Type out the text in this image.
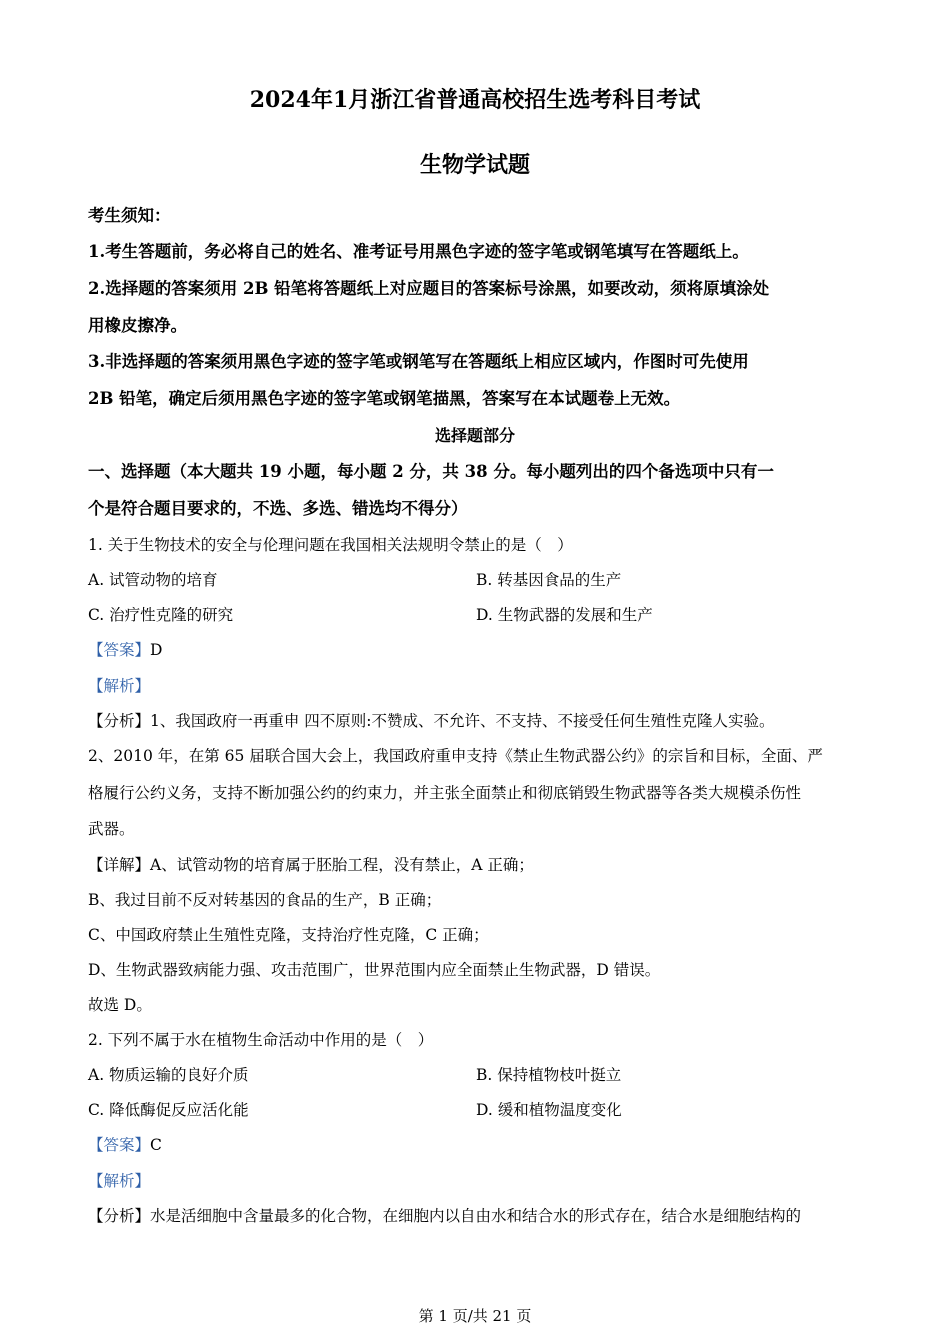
2024年1月浙江省普通高校招生选考科目考试
生物学试题
考生须知：
1.考生答题前，务必将自己的姓名、准考证号用黑色字迹的签字笔或钢笔填写在答题纸上。
2.选择题的答案须用 2B 铅笔将答题纸上对应题目的答案标号涂黑，如要改动，须将原填涂处
用橡皮擦净。
3.非选择题的答案须用黑色字迹的签字笔或钢笔写在答题纸上相应区域内，作图时可先使用
2B 铅笔，确定后须用黑色字迹的签字笔或钢笔描黑，答案写在本试题卷上无效。
选择题部分
一、选择题（本大题共 19 小题，每小题 2 分，共 38 分。每小题列出的四个备选项中只有一
个是符合题目要求的，不选、多选、错选均不得分）
1. 关于生物技术的安全与伦理问题在我国相关法规明令禁止的是（　）
A. 试管动物的培育	B. 转基因食品的生产
C. 治疗性克隆的研究	D. 生物武器的发展和生产
【答案】D
【解析】
【分析】1、我国政府一再重申 四不原则:不赞成、不允许、不支持、不接受任何生殖性克隆人实验。
2、2010 年，在第 65 届联合国大会上，我国政府重申支持《禁止生物武器公约》的宗旨和目标，全面、严
格履行公约义务，支持不断加强公约的约束力，并主张全面禁止和彻底销毁生物武器等各类大规模杀伤性
武器。
【详解】A、试管动物的培育属于胚胎工程，没有禁止，A 正确；
B、我过目前不反对转基因的食品的生产，B 正确；
C、中国政府禁止生殖性克隆，支持治疗性克隆，C 正确；
D、生物武器致病能力强、攻击范围广，世界范围内应全面禁止生物武器，D 错误。
故选 D。
2. 下列不属于水在植物生命活动中作用的是（　）
A. 物质运输的良好介质	B. 保持植物枝叶挺立
C. 降低酶促反应活化能	D. 缓和植物温度变化
【答案】C
【解析】
【分析】水是活细胞中含量最多的化合物，在细胞内以自由水和结合水的形式存在，结合水是细胞结构的
第 1 页/共 21 页
